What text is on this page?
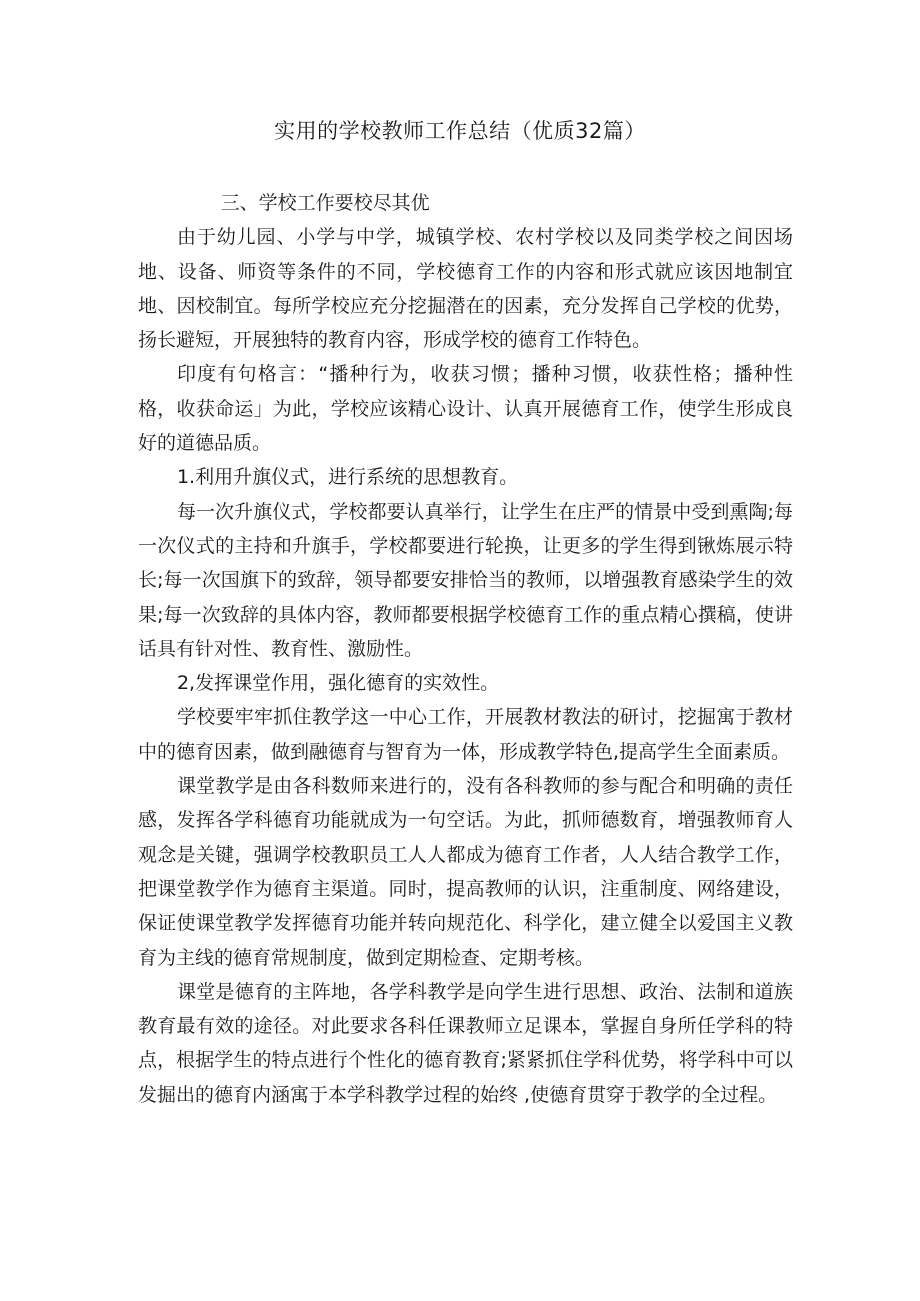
实用的学校教师工作总结（优质32篇）

三、学校工作要校尽其优

由于幼儿园、小学与中学，城镇学校、农村学校以及同类学校之间因场地、设备、师资等条件的不同，学校德育工作的内容和形式就应该因地制宜地、因校制宜。每所学校应充分挖掘潜在的因素，充分发挥自己学校的优势，扬长避短，开展独特的教育内容，形成学校的德育工作特色。

印度有句格言：“播种行为，收获习惯；播种习惯，收获性格；播种性格，收获命运」为此，学校应该精心设计、认真开展德育工作，使学生形成良好的道德品质。

1.利用升旗仪式，进行系统的思想教育。

每一次升旗仪式，学校都要认真举行，让学生在庄严的情景中受到熏陶;每一次仪式的主持和升旗手，学校都要进行轮换，让更多的学生得到锹炼展示特长;每一次国旗下的致辞，领导都要安排恰当的教师，以增强教育感染学生的效果;每一次致辞的具体内容，教师都要根据学校德育工作的重点精心撰稿，使讲话具有针对性、教育性、激励性。

2,发挥课堂作用，强化德育的实效性。

学校要牢牢抓住教学这一中心工作，开展教材教法的研讨，挖掘寓于教材中的德育因素，做到融德育与智育为一体，形成教学特色,提高学生全面素质。

课堂教学是由各科数师来进行的，没有各科教师的参与配合和明确的责任感，发挥各学科德育功能就成为一句空话。为此，抓师德数育，增强教师育人观念是关键，强调学校教职员工人人都成为德育工作者，人人结合教学工作，把课堂教学作为德育主渠道。同时，提高教师的认识，注重制度、网络建设，保证使课堂教学发挥德育功能并转向规范化、科学化，建立健全以爱国主义教育为主线的德育常规制度，做到定期检查、定期考核。

课堂是德育的主阵地，各学科教学是向学生进行思想、政治、法制和道族教育最有效的途径。对此要求各科任课教师立足课本，掌握自身所任学科的特点，根据学生的特点进行个性化的德育教育;紧紧抓住学科优势，将学科中可以发掘出的德育内涵寓于本学科教学过程的始终 ,使德育贯穿于教学的全过程。
